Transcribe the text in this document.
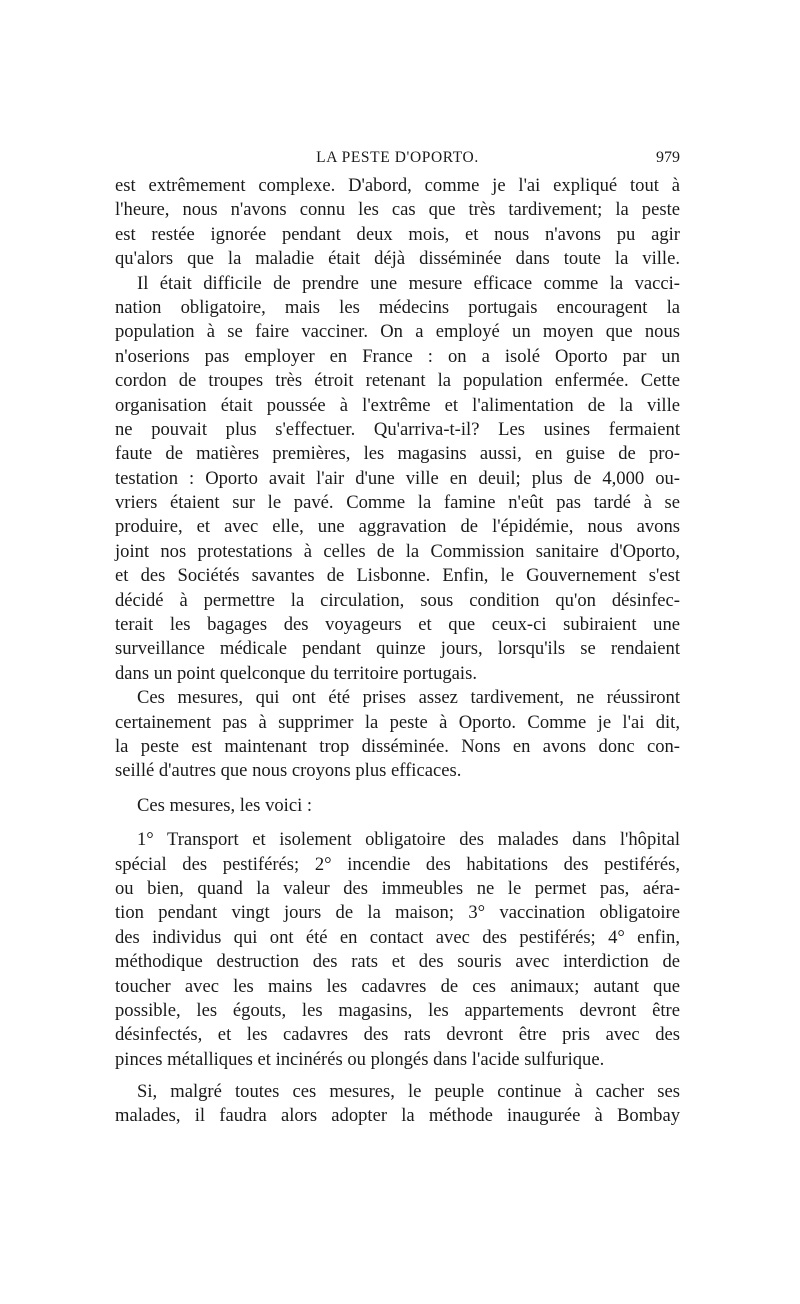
LA PESTE D'OPORTO.	979
est extrêmement complexe. D'abord, comme je l'ai expliqué tout à
l'heure, nous n'avons connu les cas que très tardivement; la peste
est restée ignorée pendant deux mois, et nous n'avons pu agir
qu'alors que la maladie était déjà disséminée dans toute la ville.
Il était difficile de prendre une mesure efficace comme la vacci-
nation obligatoire, mais les médecins portugais encouragent la
population à se faire vacciner. On a employé un moyen que nous
n'oserions pas employer en France : on a isolé Oporto par un
cordon de troupes très étroit retenant la population enfermée. Cette
organisation était poussée à l'extrême et l'alimentation de la ville
ne pouvait plus s'effectuer. Qu'arriva-t-il? Les usines fermaient
faute de matières premières, les magasins aussi, en guise de pro-
testation : Oporto avait l'air d'une ville en deuil; plus de 4,000 ou-
vriers étaient sur le pavé. Comme la famine n'eût pas tardé à se
produire, et avec elle, une aggravation de l'épidémie, nous avons
joint nos protestations à celles de la Commission sanitaire d'Oporto,
et des Sociétés savantes de Lisbonne. Enfin, le Gouvernement s'est
décidé à permettre la circulation, sous condition qu'on désinfec-
terait les bagages des voyageurs et que ceux-ci subiraient une
surveillance médicale pendant quinze jours, lorsqu'ils se rendaient
dans un point quelconque du territoire portugais.
Ces mesures, qui ont été prises assez tardivement, ne réussiront
certainement pas à supprimer la peste à Oporto. Comme je l'ai dit,
la peste est maintenant trop disséminée. Nons en avons donc con-
seillé d'autres que nous croyons plus efficaces.
Ces mesures, les voici :
1° Transport et isolement obligatoire des malades dans l'hôpital
spécial des pestiférés; 2° incendie des habitations des pestiférés,
ou bien, quand la valeur des immeubles ne le permet pas, aéra-
tion pendant vingt jours de la maison; 3° vaccination obligatoire
des individus qui ont été en contact avec des pestiférés; 4° enfin,
méthodique destruction des rats et des souris avec interdiction de
toucher avec les mains les cadavres de ces animaux; autant que
possible, les égouts, les magasins, les appartements devront être
désinfectés, et les cadavres des rats devront être pris avec des
pinces métalliques et incinérés ou plongés dans l'acide sulfurique.
Si, malgré toutes ces mesures, le peuple continue à cacher ses
malades, il faudra alors adopter la méthode inaugurée à Bombay
